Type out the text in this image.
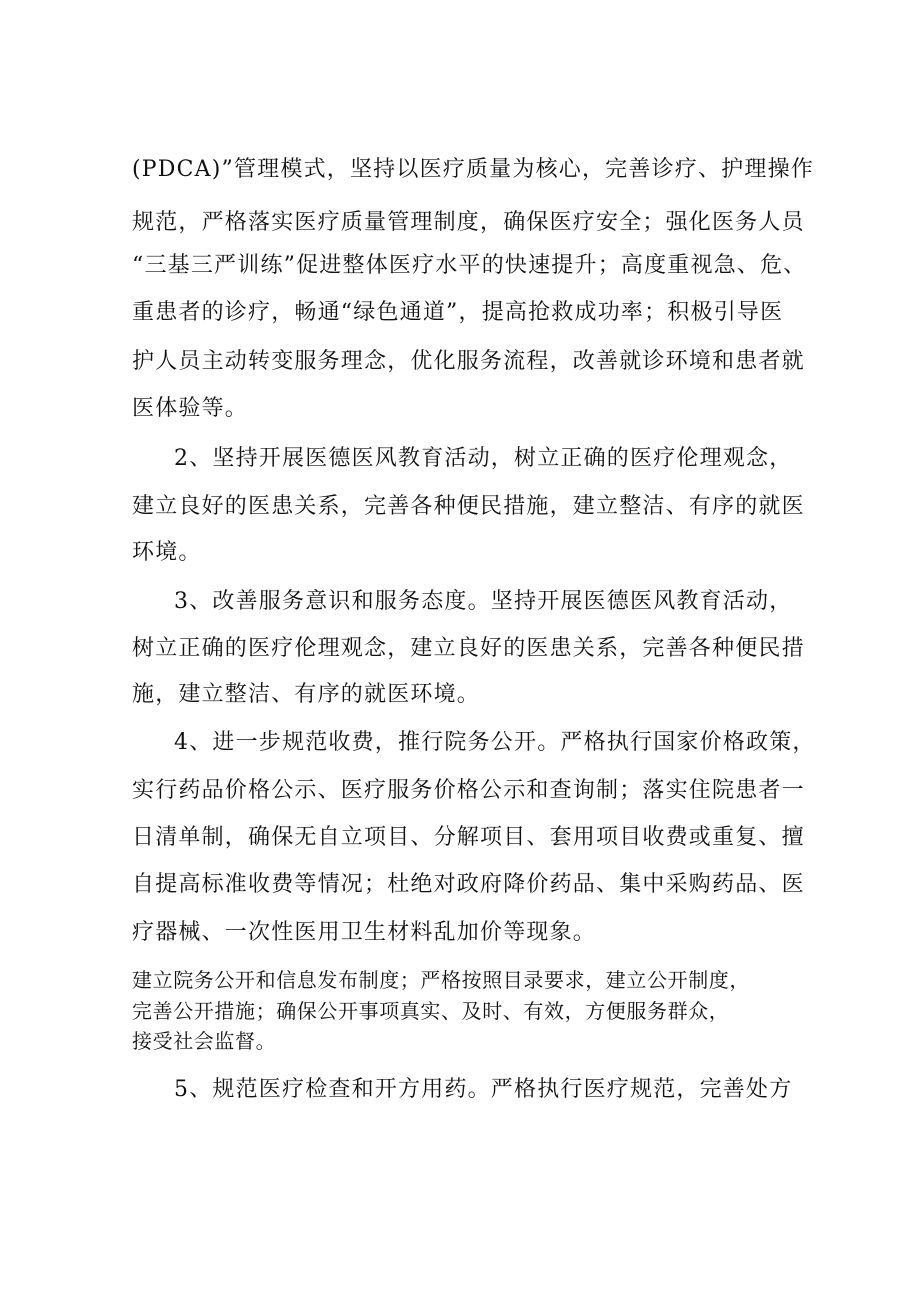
(PDCA)”管理模式，坚持以医疗质量为核心，完善诊疗、护理操作

规范，严格落实医疗质量管理制度，确保医疗安全；强化医务人员

“三基三严训练”促进整体医疗水平的快速提升；高度重视急、危、

重患者的诊疗，畅通“绿色通道”，提高抢救成功率；积极引导医

护人员主动转变服务理念，优化服务流程，改善就诊环境和患者就

医体验等。

2、坚持开展医德医风教育活动，树立正确的医疗伦理观念，

建立良好的医患关系，完善各种便民措施，建立整洁、有序的就医

环境。

3、改善服务意识和服务态度。坚持开展医德医风教育活动，

树立正确的医疗伦理观念，建立良好的医患关系，完善各种便民措

施，建立整洁、有序的就医环境。

4、进一步规范收费，推行院务公开。严格执行国家价格政策，

实行药品价格公示、医疗服务价格公示和查询制；落实住院患者一

日清单制，确保无自立项目、分解项目、套用项目收费或重复、擅

自提高标准收费等情况；杜绝对政府降价药品、集中采购药品、医

疗器械、一次性医用卫生材料乱加价等现象。

建立院务公开和信息发布制度；严格按照目录要求，建立公开制度，

完善公开措施；确保公开事项真实、及时、有效，方便服务群众，

接受社会监督。

5、规范医疗检查和开方用药。严格执行医疗规范，完善处方
